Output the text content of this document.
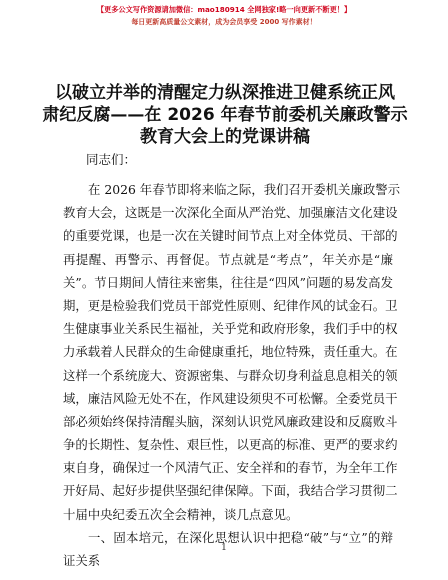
【更多公文写作资源请加微信：mao180914 全网独家!略一向更新不断更！】
每日更新高质量公文素材，成为会员享受 2000 写作素材！
以破立并举的清醒定力纵深推进卫健系统正风
肃纪反腐——在 2026 年春节前委机关廉政警示
教育大会上的党课讲稿
同志们：
在 2026 年春节即将来临之际，我们召开委机关廉政警示
教育大会，这既是一次深化全面从严治党、加强廉洁文化建设
的重要党课，也是一次在关键时间节点上对全体党员、干部的
再提醒、再警示、再督促。节点就是“考点”，年关亦是“廉
关”。节日期间人情往来密集，往往是“四风”问题的易发高发
期，更是检验我们党员干部党性原则、纪律作风的试金石。卫
生健康事业关系民生福祉，关乎党和政府形象，我们手中的权
力承载着人民群众的生命健康重托，地位特殊，责任重大。在
这样一个系统庞大、资源密集、与群众切身利益息息相关的领
域，廉洁风险无处不在，作风建设须臾不可松懈。全委党员干
部必须始终保持清醒头脑，深刻认识党风廉政建设和反腐败斗
争的长期性、复杂性、艰巨性，以更高的标准、更严的要求约
束自身，确保过一个风清气正、安全祥和的春节，为全年工作
开好局、起好步提供坚强纪律保障。下面，我结合学习贯彻二
十届中央纪委五次全会精神，谈几点意见。
一、固本培元，在深化思想认识中把稳“破”与“立”的辩
证关系
1
